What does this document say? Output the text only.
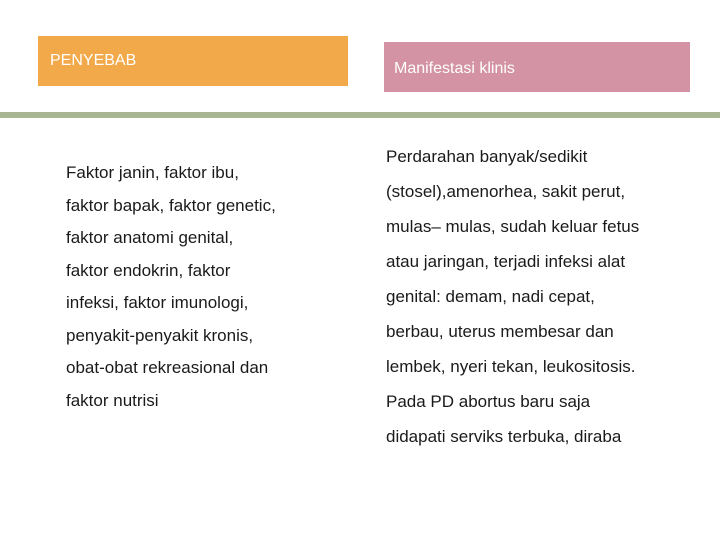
PENYEBAB	Manifestasi klinis
Faktor janin, faktor ibu,
faktor bapak, faktor genetic,
faktor anatomi genital,
faktor endokrin, faktor
infeksi, faktor imunologi,
penyakit-penyakit kronis,
obat-obat rekreasional dan
faktor nutrisi
Perdarahan banyak/sedikit
(stosel),amenorhea, sakit perut,
mulas– mulas, sudah keluar fetus
atau jaringan, terjadi infeksi alat
genital: demam, nadi cepat,
berbau, uterus membesar dan
lembek, nyeri tekan, leukositosis.
Pada PD abortus baru saja
didapati serviks terbuka, diraba
